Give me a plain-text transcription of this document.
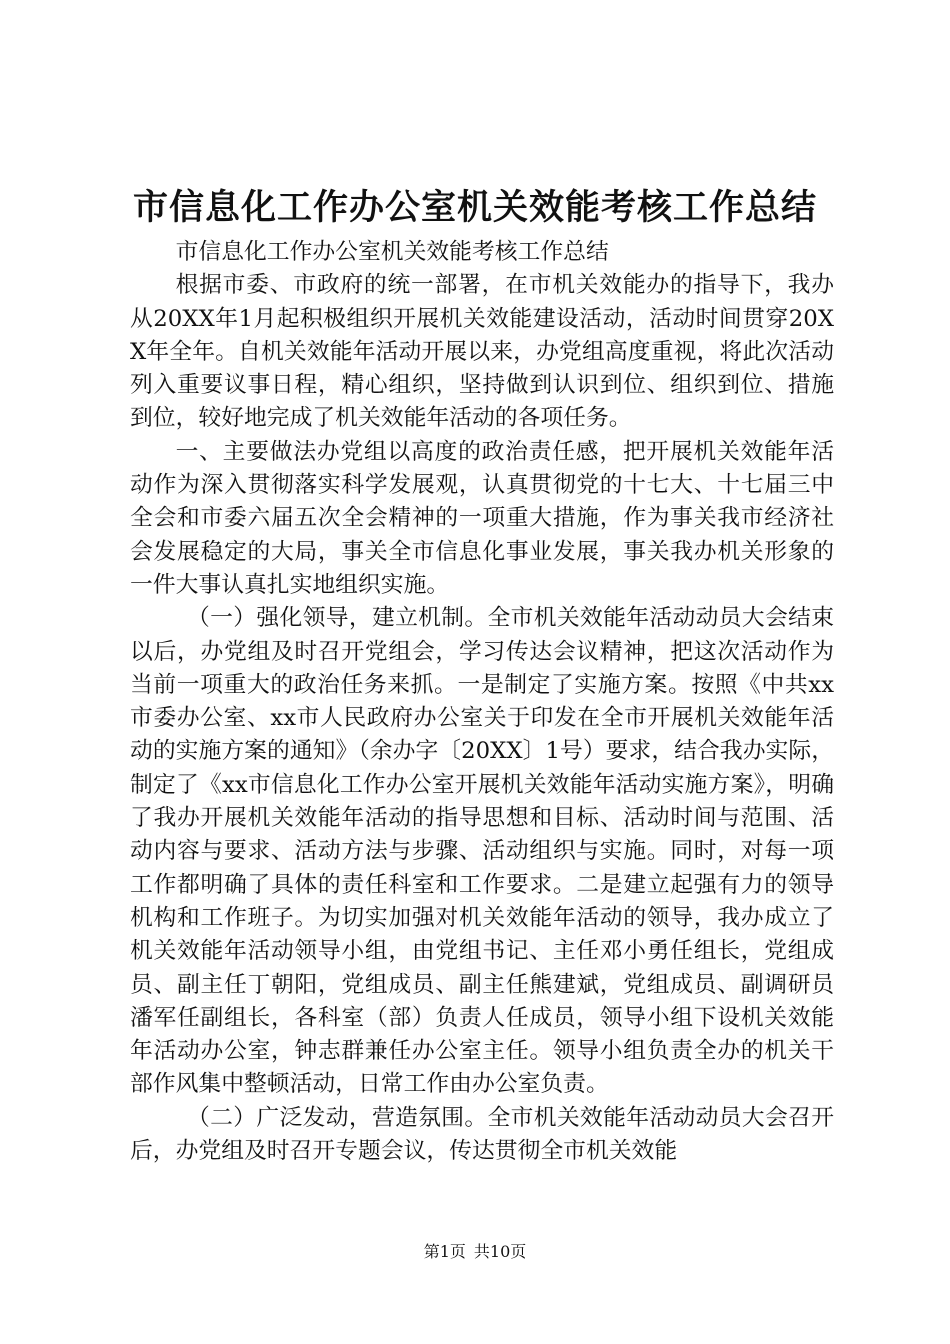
市信息化工作办公室机关效能考核工作总结

市信息化工作办公室机关效能考核工作总结

根据市委、市政府的统一部署，在市机关效能办的指导下，我办从20XX年1月起积极组织开展机关效能建设活动，活动时间贯穿20XX年全年。自机关效能年活动开展以来，办党组高度重视，将此次活动列入重要议事日程，精心组织，坚持做到认识到位、组织到位、措施到位，较好地完成了机关效能年活动的各项任务。

一、主要做法办党组以高度的政治责任感，把开展机关效能年活动作为深入贯彻落实科学发展观，认真贯彻党的十七大、十七届三中全会和市委六届五次全会精神的一项重大措施，作为事关我市经济社会发展稳定的大局，事关全市信息化事业发展，事关我办机关形象的一件大事认真扎实地组织实施。

（一）强化领导，建立机制。全市机关效能年活动动员大会结束以后，办党组及时召开党组会，学习传达会议精神，把这次活动作为当前一项重大的政治任务来抓。一是制定了实施方案。按照《中共xx市委办公室、xx市人民政府办公室关于印发在全市开展机关效能年活动的实施方案的通知》（余办字〔20XX〕1号）要求，结合我办实际，制定了《xx市信息化工作办公室开展机关效能年活动实施方案》，明确了我办开展机关效能年活动的指导思想和目标、活动时间与范围、活动内容与要求、活动方法与步骤、活动组织与实施。同时，对每一项工作都明确了具体的责任科室和工作要求。二是建立起强有力的领导机构和工作班子。为切实加强对机关效能年活动的领导，我办成立了机关效能年活动领导小组，由党组书记、主任邓小勇任组长，党组成员、副主任丁朝阳，党组成员、副主任熊建斌，党组成员、副调研员潘军任副组长，各科室（部）负责人任成员，领导小组下设机关效能年活动办公室，钟志群兼任办公室主任。领导小组负责全办的机关干部作风集中整顿活动，日常工作由办公室负责。

（二）广泛发动，营造氛围。全市机关效能年活动动员大会召开后，办党组及时召开专题会议，传达贯彻全市机关效能

第1页 共10页
